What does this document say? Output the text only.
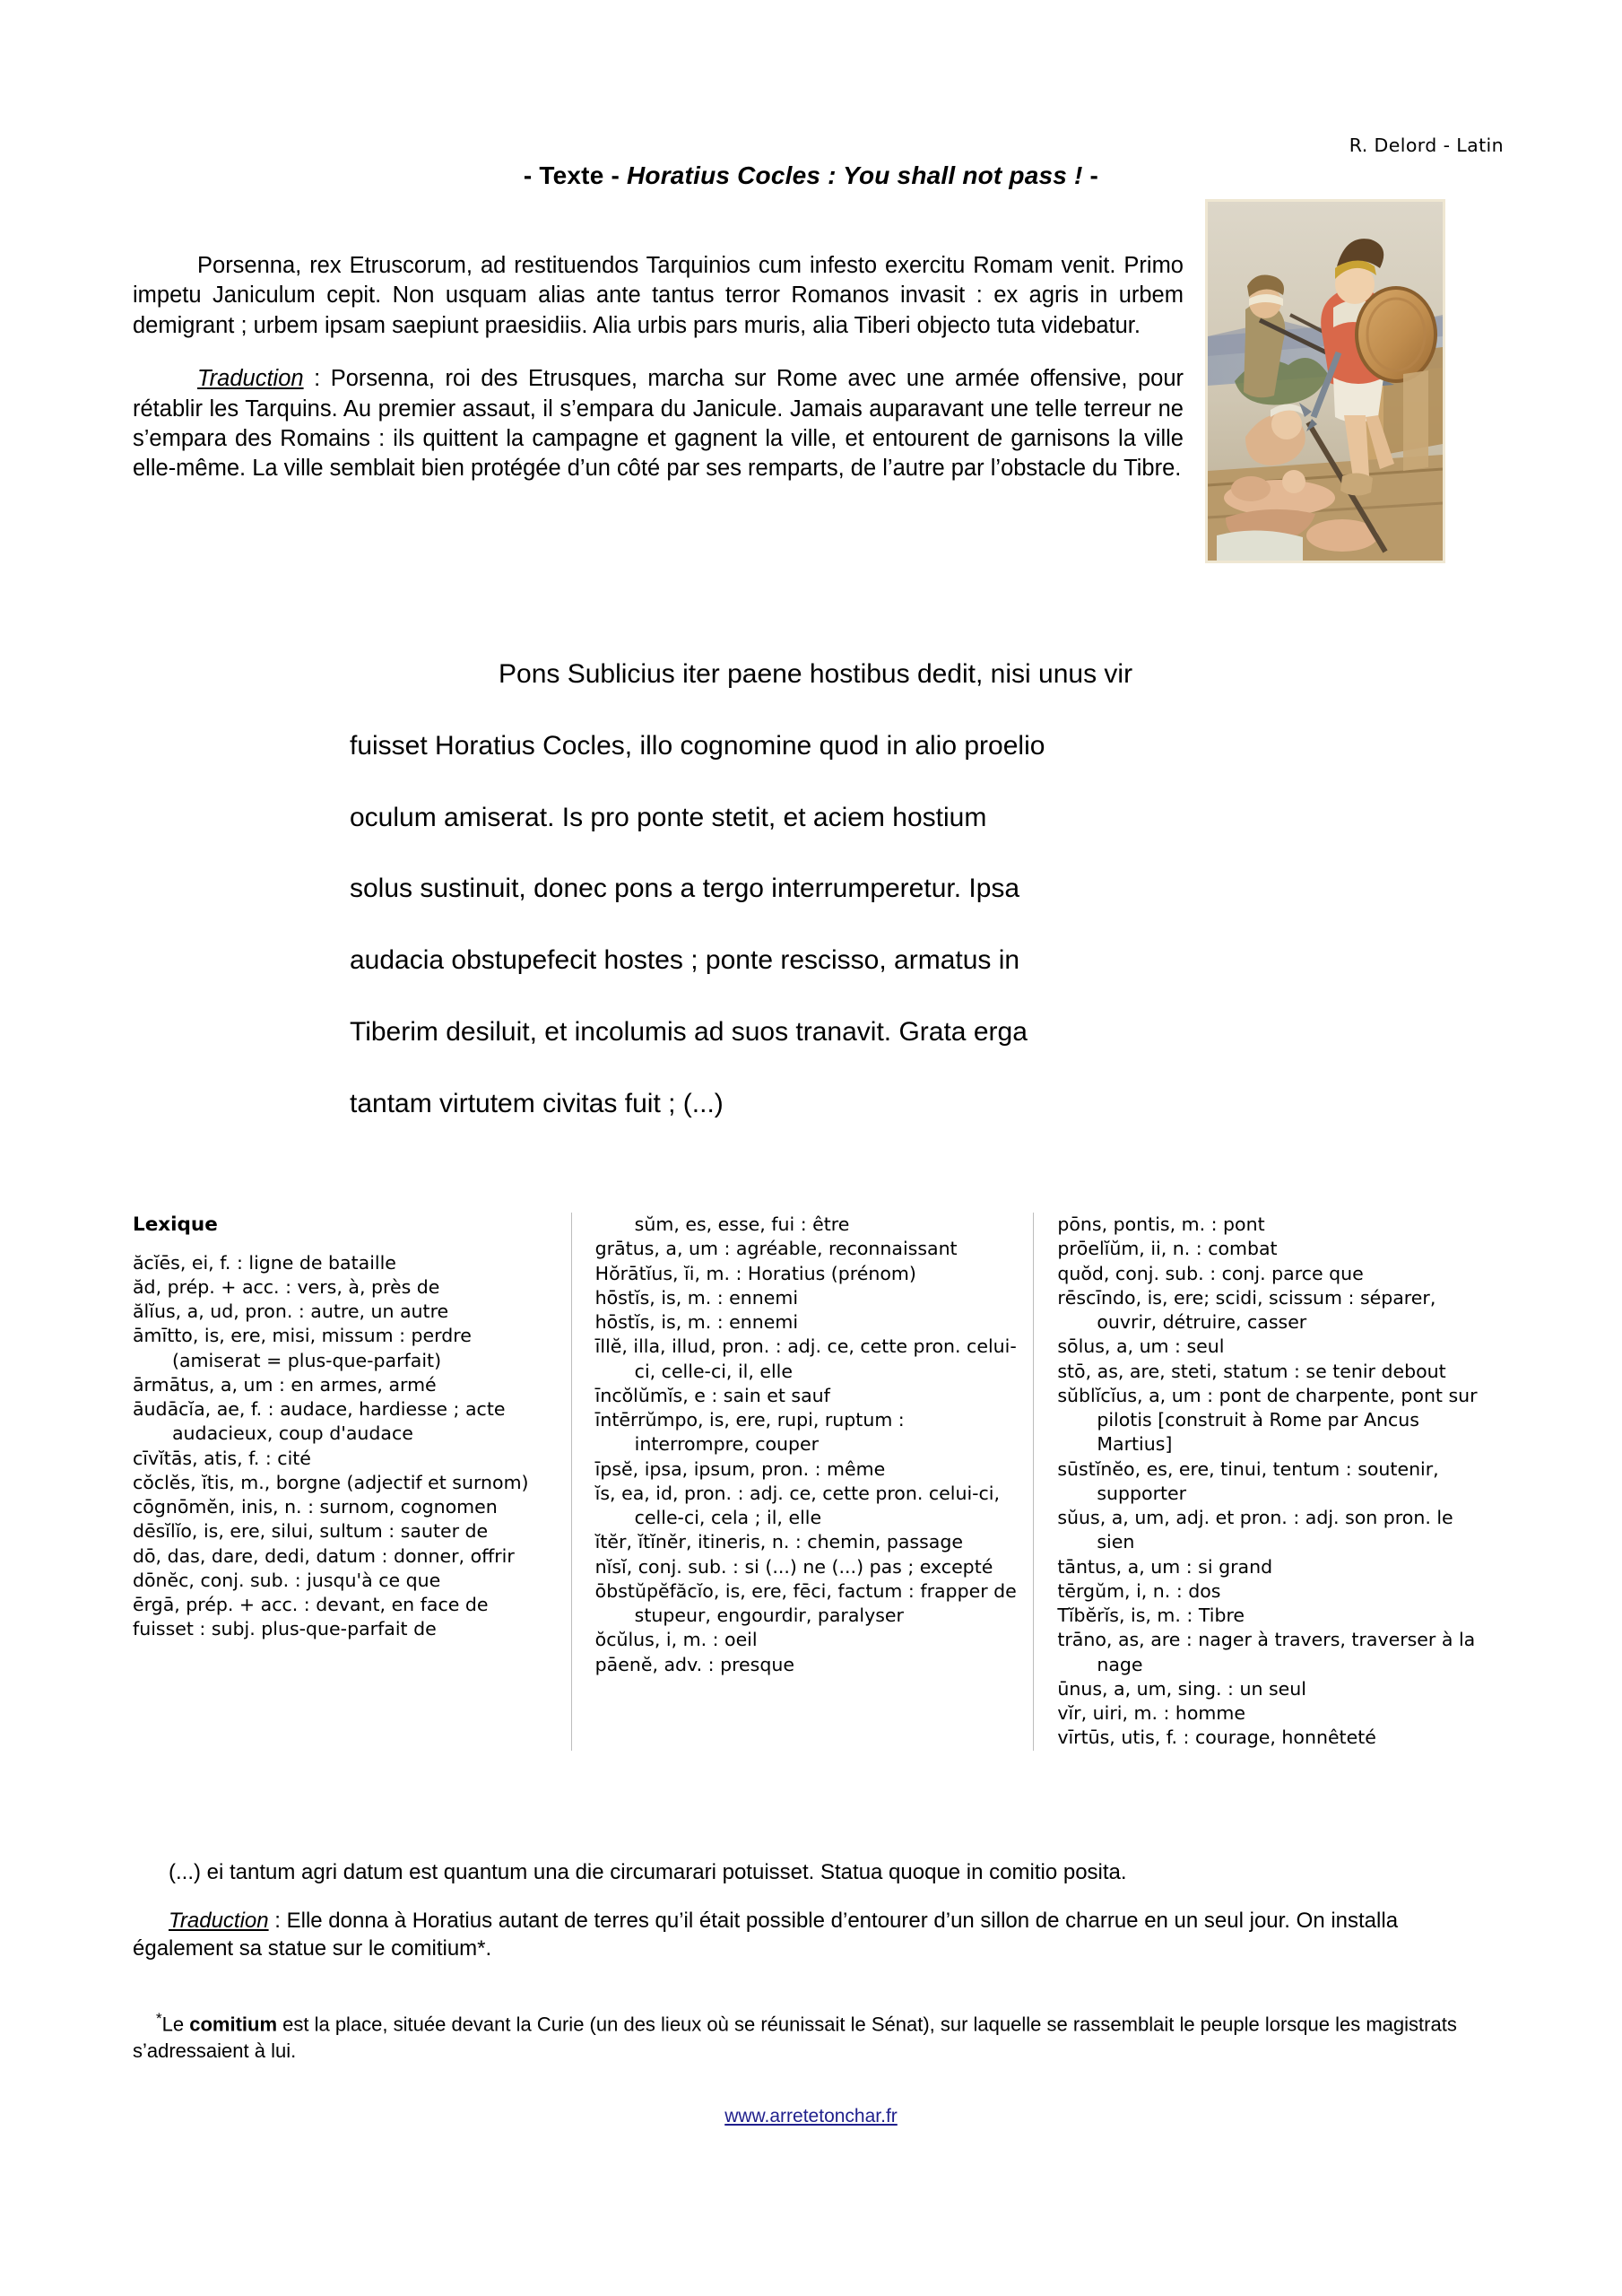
R. Delord - Latin
- Texte - Horatius Cocles : You shall not pass ! -

Porsenna, rex Etruscorum, ad restituendos Tarquinios cum infesto exercitu Romam venit. Primo impetu Janiculum cepit. Non usquam alias ante tantus terror Romanos invasit : ex agris in urbem demigrant ; urbem ipsam saepiunt praesidiis. Alia urbis pars muris, alia Tiberi objecto tuta videbatur.

Traduction : Porsenna, roi des Etrusques, marcha sur Rome avec une armée offensive, pour rétablir les Tarquins. Au premier assaut, il s’empara du Janicule. Jamais auparavant une telle terreur ne s’empara des Romains : ils quittent la campagne et gagnent la ville, et entourent de garnisons la ville elle-même. La ville semblait bien protégée d’un côté par ses remparts, de l’autre par l’obstacle du Tibre.

Pons Sublicius iter paene hostibus dedit, nisi unus vir
fuisset Horatius Cocles, illo cognomine quod in alio proelio
oculum amiserat. Is pro ponte stetit, et aciem hostium
solus sustinuit, donec pons a tergo interrumperetur. Ipsa
audacia obstupefecit hostes ; ponte rescisso, armatus in
Tiberim desiluit, et incolumis ad suos tranavit. Grata erga
tantam virtutem civitas fuit ; (...)

Lexique

ăcĭēs, ei, f. : ligne de bataille

ăd, prép. + acc. : vers, à, près de

ălĭus, a, ud, pron. : autre, un autre

āmītto, is, ere, misi, missum : perdre (amiserat = plus-que-parfait)

ārmātus, a, um : en armes, armé

āudācĭa, ae, f. : audace, hardiesse ; acte audacieux, coup d'audace

cīvĭtās, atis, f. : cité

cŏclĕs, ĭtis, m., borgne (adjectif et surnom)

cōgnōmĕn, inis, n. : surnom, cognomen

dēsĭlĭo, is, ere, silui, sultum : sauter de

dō, das, dare, dedi, datum : donner, offrir

dōnĕc, conj. sub. : jusqu'à ce que

ērgā, prép. + acc. : devant, en face de

fuisset : subj. plus-que-parfait de

sŭm, es, esse, fui : être

grātus, a, um : agréable, reconnaissant

Hŏrātĭus, ĭi, m. : Horatius (prénom)

hōstĭs, is, m. : ennemi

hōstĭs, is, m. : ennemi

īllĕ, illa, illud, pron. : adj. ce, cette pron. celui-ci, celle-ci, il, elle

īncŏlŭmĭs, e : sain et sauf

īntērrŭmpo, is, ere, rupi, ruptum : interrompre, couper

īpsĕ, ipsa, ipsum, pron. : même

ĭs, ea, id, pron. : adj. ce, cette pron. celui-ci, celle-ci, cela ; il, elle

ĭtĕr, ĭtĭnĕr, itineris, n. : chemin, passage

nĭsĭ, conj. sub. : si (...) ne (...) pas ; excepté

ōbstŭpĕfăcĭo, is, ere, fēci, factum : frapper de stupeur, engourdir, paralyser

ŏcŭlus, i, m. : oeil

pāenĕ, adv. : presque

pōns, pontis, m. : pont

prōelĭŭm, ii, n. : combat

quŏd, conj. sub. : conj. parce que

rēscīndo, is, ere; scidi, scissum : séparer, ouvrir, détruire, casser

sōlus, a, um : seul

stō, as, are, steti, statum : se tenir debout

sŭblĭcĭus, a, um : pont de charpente, pont sur pilotis [construit à Rome par Ancus Martius]

sūstĭnĕo, es, ere, tinui, tentum : soutenir, supporter

sŭus, a, um, adj. et pron. : adj. son pron. le sien

tāntus, a, um : si grand

tērgŭm, i, n. : dos

Tĭbĕrĭs, is, m. : Tibre

trāno, as, are : nager à travers, traverser à la nage

ūnus, a, um, sing. : un seul

vĭr, uiri, m. : homme

vīrtūs, utis, f. : courage, honnêteté

(...) ei tantum agri datum est quantum una die circumarari potuisset. Statua quoque in comitio posita.

Traduction : Elle donna à Horatius autant de terres qu’il était possible d’entourer d’un sillon de charrue en un seul jour. On installa également sa statue sur le comitium*.

*Le comitium est la place, située devant la Curie (un des lieux où se réunissait le Sénat), sur laquelle se rassemblait le peuple lorsque les magistrats s’adressaient à lui.

www.arretetonchar.fr
